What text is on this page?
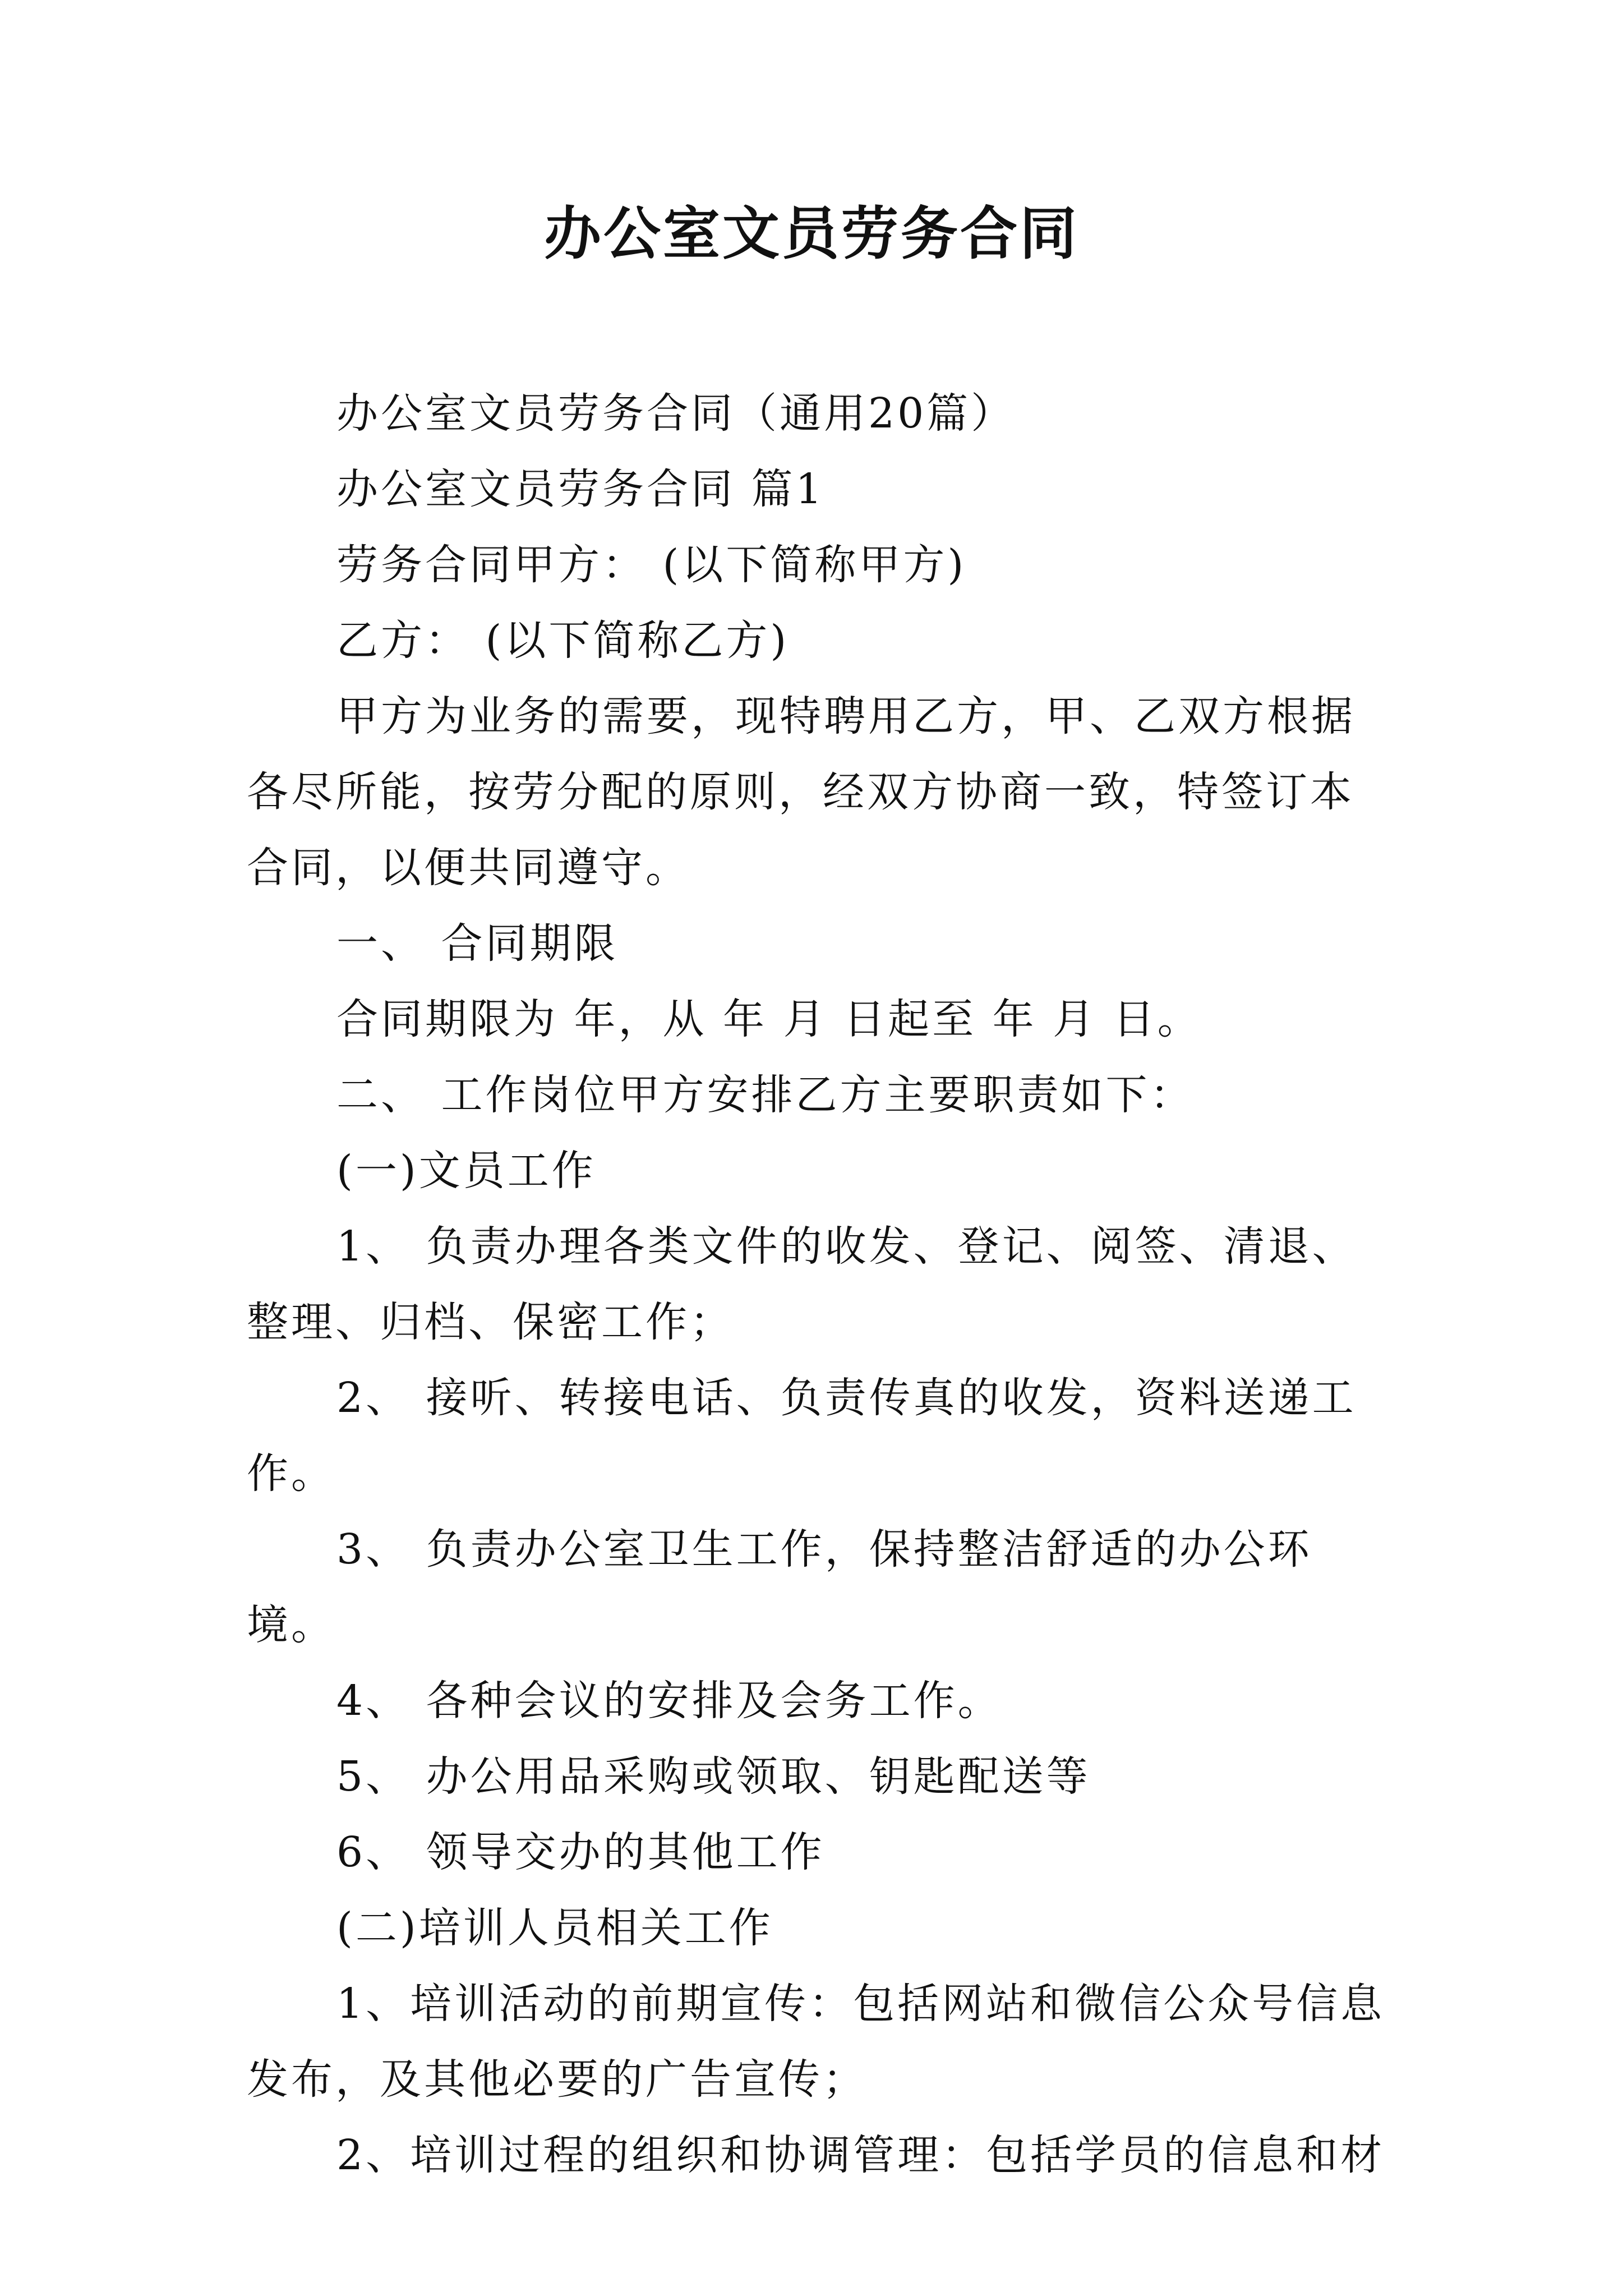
办公室文员劳务合同

办公室文员劳务合同（通用20篇）

办公室文员劳务合同 篇1

劳务合同甲方： (以下简称甲方)

乙方： (以下简称乙方)

甲方为业务的需要，现特聘用乙方，甲、乙双方根据各尽所能，按劳分配的原则，经双方协商一致，特签订本合同，以便共同遵守。

一、 合同期限

合同期限为 年，从 年 月 日起至 年 月 日。

二、 工作岗位甲方安排乙方主要职责如下：

(一)文员工作

1、 负责办理各类文件的收发、登记、阅签、清退、整理、归档、保密工作；

2、 接听、转接电话、负责传真的收发，资料送递工作。

3、 负责办公室卫生工作，保持整洁舒适的办公环境。

4、 各种会议的安排及会务工作。

5、 办公用品采购或领取、钥匙配送等

6、 领导交办的其他工作

(二)培训人员相关工作

1、培训活动的前期宣传：包括网站和微信公众号信息发布，及其他必要的广告宣传；

2、培训过程的组织和协调管理：包括学员的信息和材
